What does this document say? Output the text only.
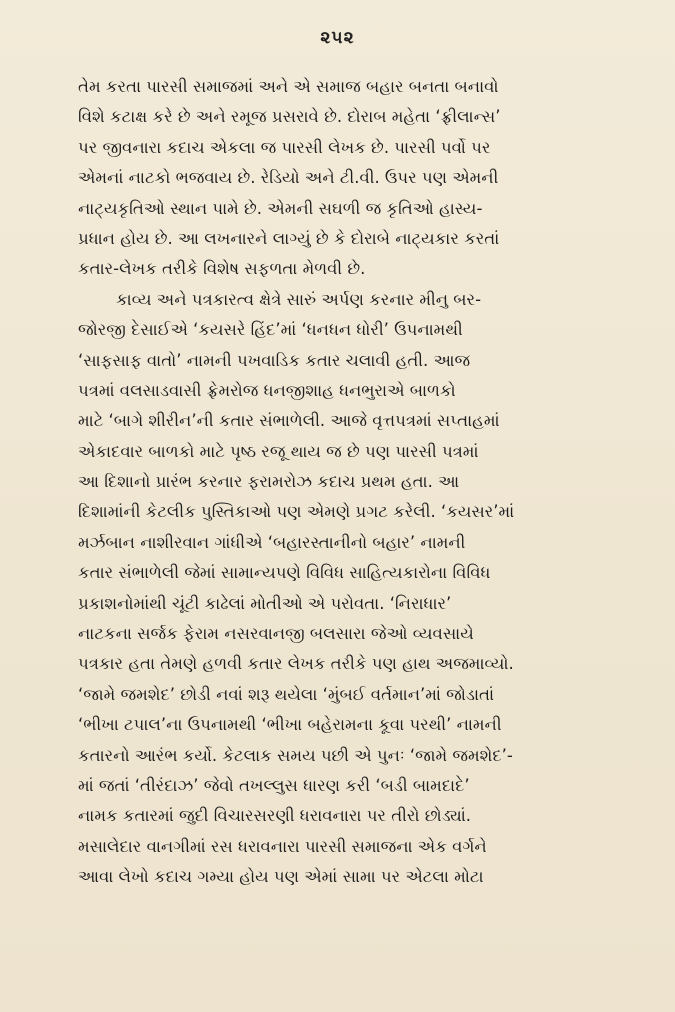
૨૫૨
તેમ કરતા પારસી સમાજમાં અને એ સમાજ બહાર બનતા બનાવો
વિશે કટાક્ષ કરે છે અને રમૂજ પ્રસરાવે છે. દોરાબ મહેતા ‘ફ્રીલાન્સ’
પર જીવનારા કદાચ એકલા જ પારસી લેખક છે. પારસી પર્વો પર
એમનાં નાટકો ભજવાય છે. રેડિયો અને ટી.વી. ઉપર પણ એમની
નાટ્યકૃતિઓ સ્થાન પામે છે. એમની સઘળી જ કૃતિઓ હાસ્ય-
પ્રધાન હોય છે. આ લખનારને લાગ્યું છે કે દોરાબે નાટ્યકાર કરતાં
કતાર-લેખક તરીકે વિશેષ સફળતા મેળવી છે.
કાવ્ય અને પત્રકારત્વ ક્ષેત્રે સારું અર્પણ કરનાર મીનુ બર-
જોરજી દેસાઈએ ‘કયસરે હિંદ’માં ‘ધનધન ધોરી’ ઉપનામથી
‘સાફસાફ વાતો’ નામની પખવાડિક કતાર ચલાવી હતી. આજ
પત્રમાં વલસાડવાસી ફ્રેમરોજ ધનજીશાહ ધનભુરાએ બાળકો
માટે ‘બાગે શીરીન’ની કતાર સંભાળેલી. આજે વૃત્તપત્રમાં સપ્તાહમાં
એકાદવાર બાળકો માટે પૃષ્ઠ રજૂ થાય જ છે પણ પારસી પત્રમાં
આ દિશાનો પ્રારંભ કરનાર ફરામરોઝ કદાચ પ્રથમ હતા. આ
દિશામાંની કેટલીક પુસ્તિકાઓ પણ એમણે પ્રગટ કરેલી. ‘કયસર’માં
મર્ઝબાન નાશીરવાન ગાંધીએ ‘બહારસ્તાનીનો બહાર’ નામની
કતાર સંભાળેલી જેમાં સામાન્યપણે વિવિધ સાહિત્યકારોના વિવિધ
પ્રકાશનોમાંથી ચૂંટી કાઢેલાં મોતીઓ એ પરોવતા. ‘નિરાધાર’
નાટકના સર્જક ફેરામ નસરવાનજી બલસારા જેઓ વ્યવસાયે
પત્રકાર હતા તેમણે હળવી કતાર લેખક તરીકે પણ હાથ અજમાવ્યો.
‘જામે જમશેદ’ છોડી નવાં શરૂ થયેલા ‘મુંબઈ વર્તમાન’માં જોડાતાં
‘ભીખા ટપાલ’ના ઉપનામથી ‘ભીખા બહેરામના કૂવા પરથી’ નામની
કતારનો આરંભ કર્યો. કેટલાક સમય પછી એ પુનઃ ‘જામે જમશેદ’-
માં જતાં ‘તીરંદાઝ’ જેવો તખલ્લુસ ધારણ કરી ‘બડી બામદાદે’
નામક કતારમાં જુદી વિચારસરણી ધરાવનારા પર તીરો છોડ્યાં.
મસાલેદાર વાનગીમાં રસ ધરાવનારા પારસી સમાજના એક વર્ગને
આવા લેખો કદાચ ગમ્યા હોય પણ એમાં સામા પર એટલા મોટા
